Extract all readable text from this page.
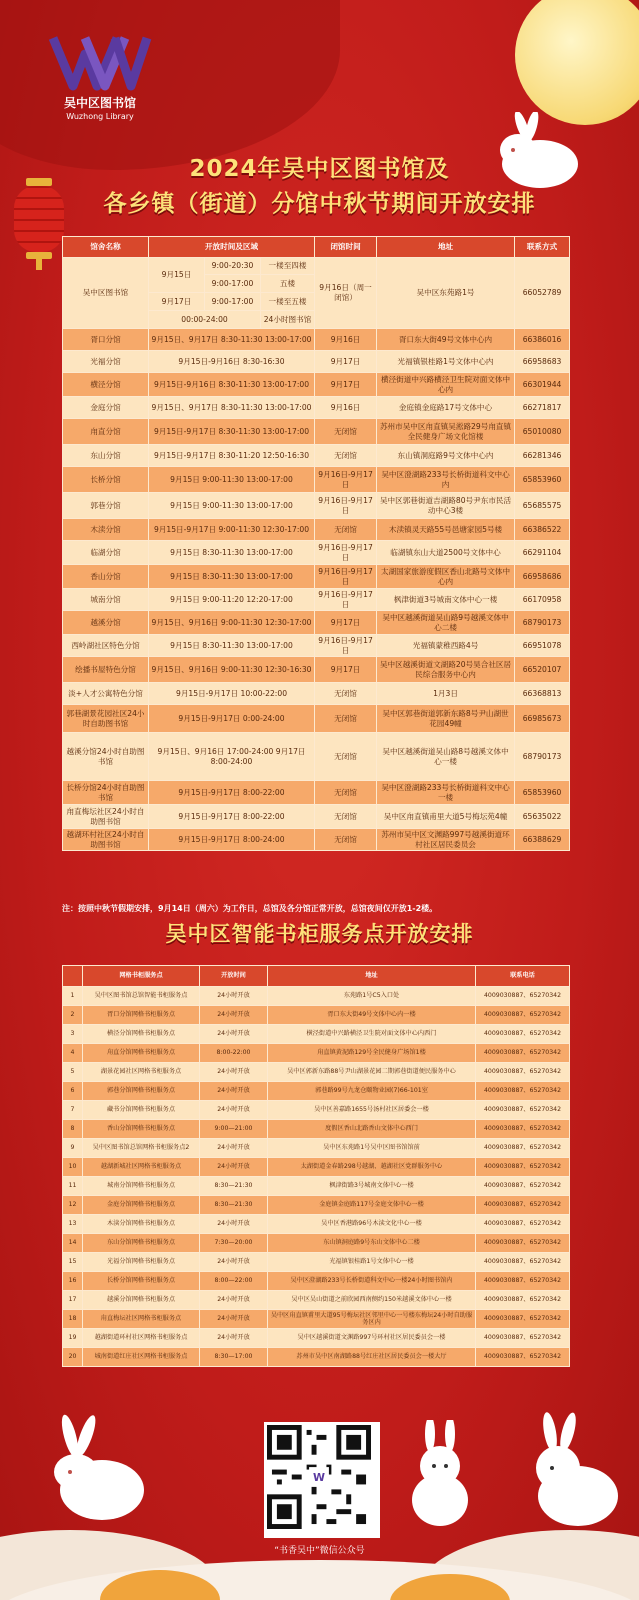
吴中区图书馆
Wuzhong Library
2024年吴中区图书馆及
各乡镇（街道）分馆中秋节期间开放安排
馆舍名称	开放时间及区域			闭馆时间	地址	联系方式
吴中区图书馆	9月15日	9:00-20:30	一楼至四楼	9月16日（周一闭馆）	吴中区东苑路1号	66052789
		9:00-17:00	五楼			
	9月17日	9:00-17:00	一楼至五楼			
	00:00-24:00		24小时图书馆			
胥口分馆	9月15日、9月17日 8:30-11:30 13:00-17:00			9月16日	胥口东大街49号文体中心内	66386016
光福分馆	9月15日-9月16日 8:30-16:30			9月17日	光福镇银桂路1号文体中心内	66958683
横泾分馆	9月15日-9月16日 8:30-11:30 13:00-17:00			9月17日	横泾街道中兴路横泾卫生院对面文体中心内	66301944
金庭分馆	9月15日、9月17日 8:30-11:30 13:00-17:00			9月16日	金庭镇金庭路17号文体中心	66271817
甪直分馆	9月15日-9月17日 8:30-11:30 13:00-17:00			无闭馆	苏州市吴中区甪直镇吴淞路29号甪直镇全民健身广场文化馆楼	65010080
东山分馆	9月15日-9月17日 8:30-11:20 12:50-16:30			无闭馆	东山镇洞庭路9号文体中心内	66281346
长桥分馆	9月15日 9:00-11:30 13:00-17:00			9月16日-9月17日	吴中区澄湖路233号长桥街道科文中心内	65853960
郭巷分馆	9月15日 9:00-11:30 13:00-17:00			9月16日-9月17日	吴中区郭巷街道吉湖路80号尹东市民活动中心3楼	65685575
木渎分馆	9月15日-9月17日 9:00-11:30 12:30-17:00			无闭馆	木渎镇灵天路55号邑塘家园5号楼	66386522
临湖分馆	9月15日 8:30-11:30 13:00-17:00			9月16日-9月17日	临湖镇东山大道2500号文体中心	66291104
香山分馆	9月15日 8:30-11:30 13:00-17:00			9月16日-9月17日	太湖国家旅游度假区香山北路号文体中心内	66958686
城南分馆	9月15日 9:00-11:20 12:20-17:00			9月16日-9月17日	枫津街道3号城南文体中心一楼	66170958
越溪分馆	9月15日、9月16日 9:00-11:30 12:30-17:00			9月17日	吴中区越溪街道吴山路9号越溪文体中心二楼	68790173
西岭湖社区特色分馆	9月15日 8:30-11:30 13:00-17:00			9月16日-9月17日	光福镇蒙稚西路4号	66951078
绘播书屋特色分馆	9月15日、9月16日 9:00-11:30 12:30-16:30			9月17日	吴中区越溪街道文湖路20号昊合社区居民综合服务中心内	66520107
淡+人才公寓特色分馆	9月15日-9月17日 10:00-22:00			无闭馆	1月3日	66368813
郭巷湖景花园社区24小时自助图书馆	9月15日-9月17日 0:00-24:00			无闭馆	吴中区郭巷街道郭新东路8号尹山湖世花园49幢	66985673
越溪分馆24小时自助图书馆	9月15日、9月16日 17:00-24:00 9月17日 8:00-24:00			无闭馆	吴中区越溪街道吴山路8号越溪文体中心一楼	68790173
长桥分馆24小时自助图书馆	9月15日-9月17日 8:00-22:00			无闭馆	吴中区澄湖路233号长桥街道科文中心一楼	65853960
甪直梅坛社区24小时自助图书馆	9月15日-9月17日 8:00-22:00			无闭馆	吴中区甪直镇甫里大道5号梅坛苑4幢	65635022
越湖环村社区24小时自助图书馆	9月15日-9月17日 8:00-24:00			无闭馆	苏州市吴中区文渊路997号越溪街道环村社区居民委员会	66388629
注：按照中秋节假期安排，9月14日（周六）为工作日，总馆及各分馆正常开放，总馆夜间仅开放1-2楼。
吴中区智能书柜服务点开放安排
	网格书柜服务点	开放时间	地址	联系电话
1	吴中区图书馆总馆智能书柜服务点	24小时开放	东苑路1号C5入口处	4009030887、65270342
2	胥口分馆网格书柜服务点	24小时开放	胥口东大街49号文体中心内一楼	4009030887、65270342
3	横泾分馆网格书柜服务点	24小时开放	横泾街道中兴路横泾卫生院对面文体中心内西门	4009030887、65270342
4	甪直分馆网格书柜服务点	8:00-22:00	甪直镇黄泥路129号全民健身广场馆1楼	4009030887、65270342
5	湖景花园社区网格书柜服务点	24小时开放	吴中区郭新东路88号尹山湖景花园二期郭巷街道便民服务中心	4009030887、65270342
6	郭巷分馆网格书柜服务点	24小时开放	郭巷路99号九龙仓颐物业园(7)66-101室	4009030887、65270342
7	藏书分馆网格书柜服务点	24小时开放	吴中区善嘉路1655号汤村社区居委会一楼	4009030887、65270342
8	香山分馆网格书柜服务点	9:00—21:00	度假区香山北路香山文体中心西门	4009030887、65270342
9	吴中区图书馆总馆网格书柜服务点2	24小时开放	吴中区东苑路1号吴中区图书馆馆前	4009030887、65270342
10	越湖新城社区网格书柜服务点	24小时开放	太湖街道金春路298号越湖、越湖社区党群服务中心	4009030887、65270342
11	城南分馆网格书柜服务点	8:30—21:30	枫津街路3号城南文体中心一楼	4009030887、65270342
12	金庭分馆网格书柜服务点	8:30—21:30	金庭镇金庭路117号金庭文体中心一楼	4009030887、65270342
13	木渎分馆网格书柜服务点	24小时开放	吴中区香港路96号木渎文化中心一楼	4009030887、65270342
14	东山分馆网格书柜服务点	7:30—20:00	东山镇洞庭路9号东山文体中心二楼	4009030887、65270342
15	光福分馆网格书柜服务点	24小时开放	光福镇银桂路1号文体中心一楼	4009030887、65270342
16	长桥分馆网格书柜服务点	8:00—22:00	吴中区澄湖路233号长桥街道科文中心一楼24小时图书馆内	4009030887、65270342
17	越溪分馆网格书柜服务点	24小时开放	吴中区吴山街道之前欣园西南侧约150米越溪文体中心一楼	4009030887、65270342
18	甪直梅坛社区网格书柜服务点	24小时开放	吴中区甪直镇甫里大道95号梅坛社区邻里中心一号楼东梅坛24小时自助服务区内	4009030887、65270342
19	越湖街道环村社区网格书柜服务点	24小时开放	吴中区越溪街道文渊路997号环村社区居民委员会一楼	4009030887、65270342
20	城南街道红庄社区网格书柜服务点	8:30—17:00	苏州市吴中区南湖路88号红庄社区居民委员会一楼大厅	4009030887、65270342
W
“书香吴中”微信公众号
